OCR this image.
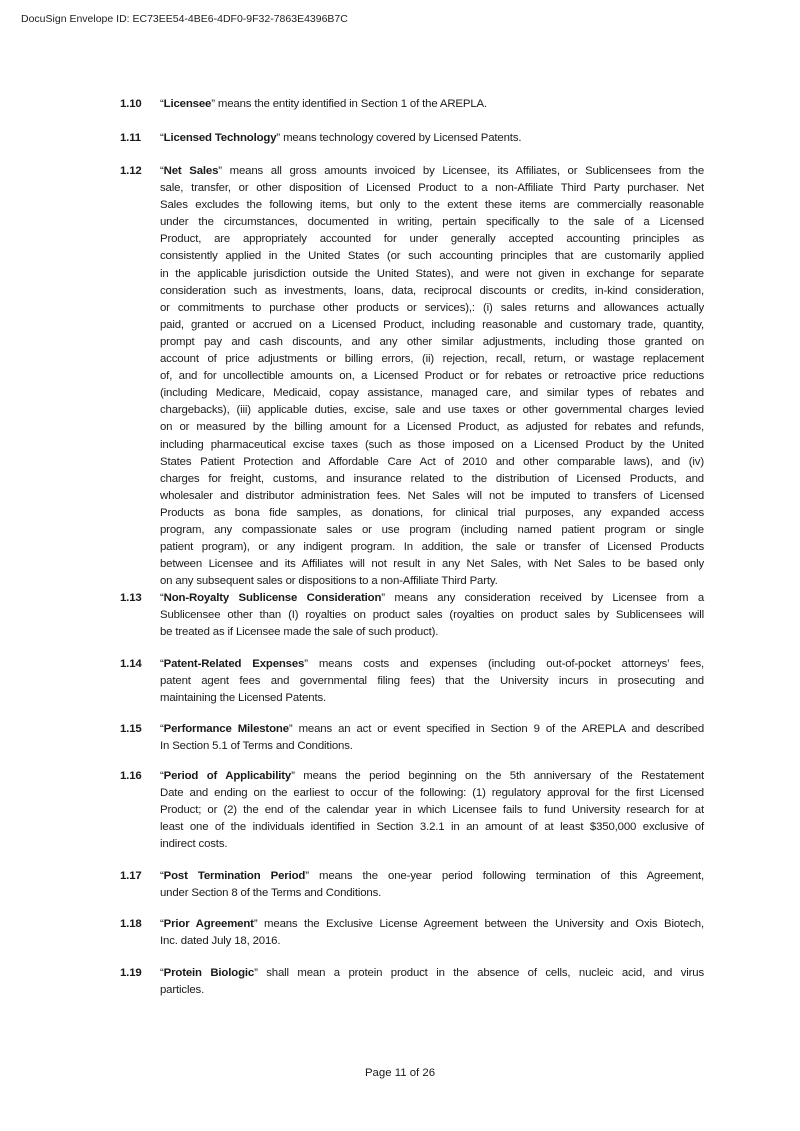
DocuSign Envelope ID: EC73EE54-4BE6-4DF0-9F32-7863E4396B7C
1.10 “Licensee” means the entity identified in Section 1 of the AREPLA.
1.11 “Licensed Technology” means technology covered by Licensed Patents.
1.12 “Net Sales” means all gross amounts invoiced by Licensee, its Affiliates, or Sublicensees from the
sale, transfer, or other disposition of Licensed Product to a non-Affiliate Third Party purchaser. Net
Sales excludes the following items, but only to the extent these items are commercially reasonable
under the circumstances, documented in writing, pertain specifically to the sale of a Licensed
Product, are appropriately accounted for under generally accepted accounting principles as
consistently applied in the United States (or such accounting principles that are customarily applied
in the applicable jurisdiction outside the United States), and were not given in exchange for separate
consideration such as investments, loans, data, reciprocal discounts or credits, in-kind consideration,
or commitments to purchase other products or services),: (i) sales returns and allowances actually
paid, granted or accrued on a Licensed Product, including reasonable and customary trade, quantity,
prompt pay and cash discounts, and any other similar adjustments, including those granted on
account of price adjustments or billing errors, (ii) rejection, recall, return, or wastage replacement
of, and for uncollectible amounts on, a Licensed Product or for rebates or retroactive price reductions
(including Medicare, Medicaid, copay assistance, managed care, and similar types of rebates and
chargebacks), (iii) applicable duties, excise, sale and use taxes or other governmental charges levied
on or measured by the billing amount for a Licensed Product, as adjusted for rebates and refunds,
including pharmaceutical excise taxes (such as those imposed on a Licensed Product by the United
States Patient Protection and Affordable Care Act of 2010 and other comparable laws), and (iv)
charges for freight, customs, and insurance related to the distribution of Licensed Products, and
wholesaler and distributor administration fees. Net Sales will not be imputed to transfers of Licensed
Products as bona fide samples, as donations, for clinical trial purposes, any expanded access
program, any compassionate sales or use program (including named patient program or single
patient program), or any indigent program. In addition, the sale or transfer of Licensed Products
between Licensee and its Affiliates will not result in any Net Sales, with Net Sales to be based only
on any subsequent sales or dispositions to a non-Affiliate Third Party.
1.13 “Non-Royalty Sublicense Consideration” means any consideration received by Licensee from a
Sublicensee other than (I) royalties on product sales (royalties on product sales by Sublicensees will
be treated as if Licensee made the sale of such product).
1.14 “Patent-Related Expenses” means costs and expenses (including out-of-pocket attorneys’ fees,
patent agent fees and governmental filing fees) that the University incurs in prosecuting and
maintaining the Licensed Patents.
1.15 “Performance Milestone” means an act or event specified in Section 9 of the AREPLA and described
In Section 5.1 of Terms and Conditions.
1.16 “Period of Applicability” means the period beginning on the 5th anniversary of the Restatement
Date and ending on the earliest to occur of the following: (1) regulatory approval for the first Licensed
Product; or (2) the end of the calendar year in which Licensee fails to fund University research for at
least one of the individuals identified in Section 3.2.1 in an amount of at least $350,000 exclusive of
indirect costs.
1.17 “Post Termination Period” means the one-year period following termination of this Agreement,
under Section 8 of the Terms and Conditions.
1.18 “Prior Agreement” means the Exclusive License Agreement between the University and Oxis Biotech,
Inc. dated July 18, 2016.
1.19 “Protein Biologic” shall mean a protein product in the absence of cells, nucleic acid, and virus
particles.
Page 11 of 26
